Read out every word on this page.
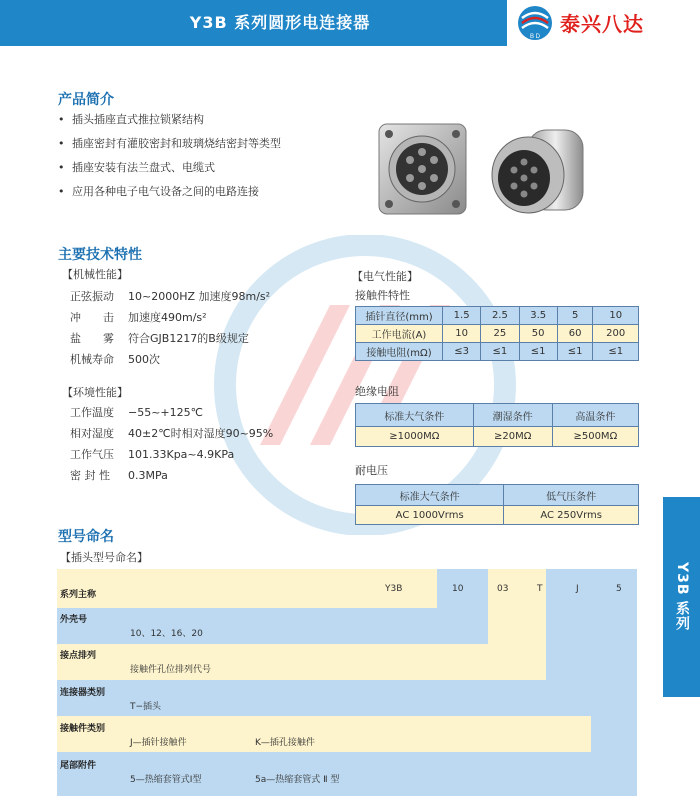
Y3B 系列圆形电连接器
B D
泰兴八达
Y3B 系列
产品简介
• 插头插座直式推拉锁紧结构
• 插座密封有灌胶密封和玻璃烧结密封等类型
• 插座安装有法兰盘式、电缆式
• 应用各种电子电气设备之间的电路连接
主要技术特性
【机械性能】
正弦振动 10~2000HZ 加速度98m/s²
冲　　击 加速度490m/s²
盐　　雾 符合GJB1217的B级规定
机械寿命 500次
【环境性能】
工作温度 −55~+125℃
相对湿度 40±2℃时相对湿度90~95%
工作气压 101.33Kpa~4.9KPa
密 封 性 0.3MPa
【电气性能】
接触件特性
插针直径(mm)	1.5	2.5	3.5	5	10
工作电流(A)	10	25	50	60	200
接触电阻(mΩ)	≤3	≤1	≤1	≤1	≤1
绝缘电阻
标准大气条件	潮湿条件	高温条件
≥1000MΩ	≥20MΩ	≥500MΩ
耐电压
标准大气条件	低气压条件
AC 1000Vrms	AC 250Vrms
型号命名
【插头型号命名】
Y3B	10	03	T	J	5
系列主称
外壳号
10、12、16、20
接点排列
接触件孔位排列代号
连接器类别
T−插头
接触件类别
J—插针接触件	K—插孔接触件
尾部附件
5—热缩套管式I型	5a—热缩套管式 Ⅱ 型
